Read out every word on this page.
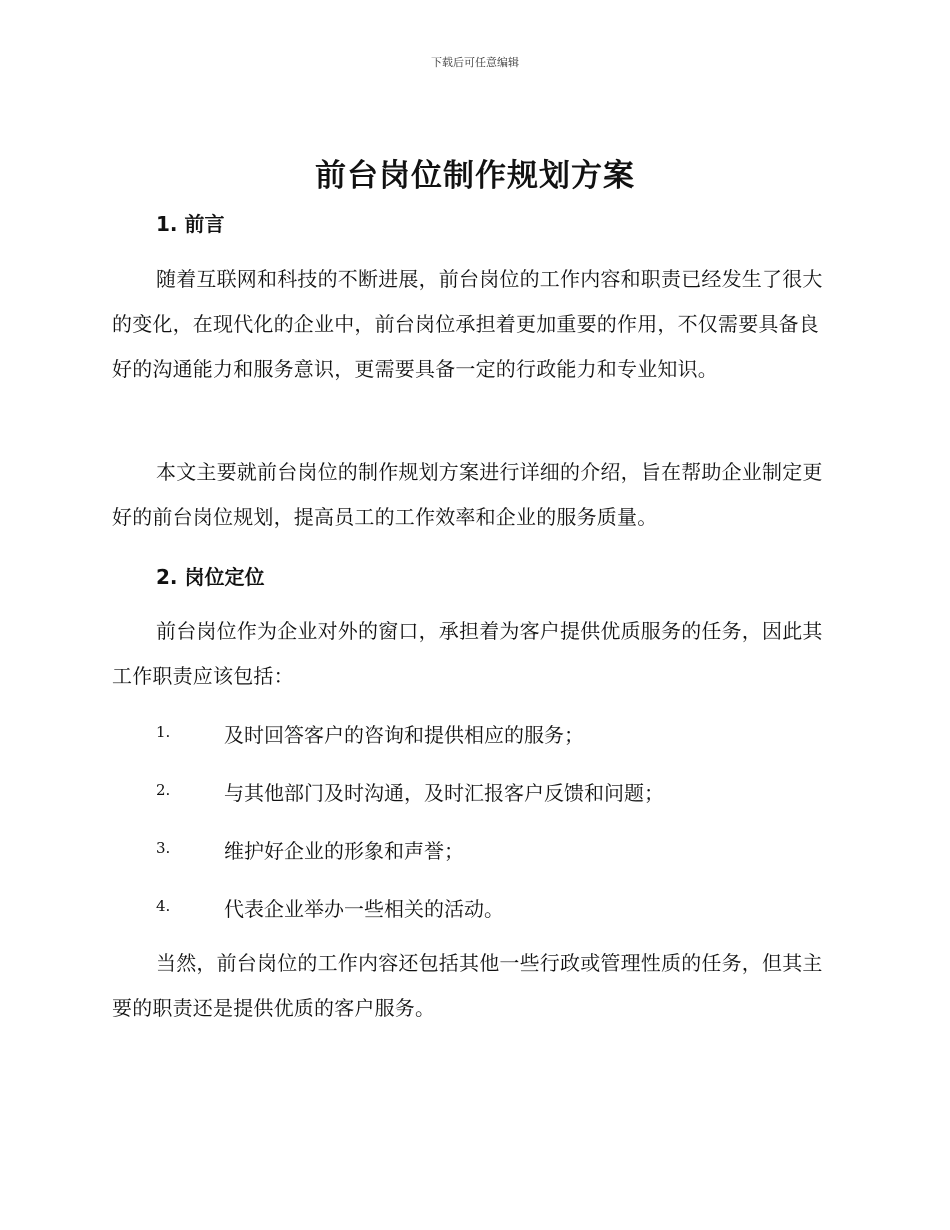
下载后可任意编辑
前台岗位制作规划方案
1. 前言
随着互联网和科技的不断进展，前台岗位的工作内容和职责已经发生了很大的变化，在现代化的企业中，前台岗位承担着更加重要的作用，不仅需要具备良好的沟通能力和服务意识，更需要具备一定的行政能力和专业知识。
本文主要就前台岗位的制作规划方案进行详细的介绍，旨在帮助企业制定更好的前台岗位规划，提高员工的工作效率和企业的服务质量。
2. 岗位定位
前台岗位作为企业对外的窗口，承担着为客户提供优质服务的任务，因此其工作职责应该包括：
1.	及时回答客户的咨询和提供相应的服务；
2.	与其他部门及时沟通，及时汇报客户反馈和问题；
3.	维护好企业的形象和声誉；
4.	代表企业举办一些相关的活动。
当然，前台岗位的工作内容还包括其他一些行政或管理性质的任务，但其主要的职责还是提供优质的客户服务。
